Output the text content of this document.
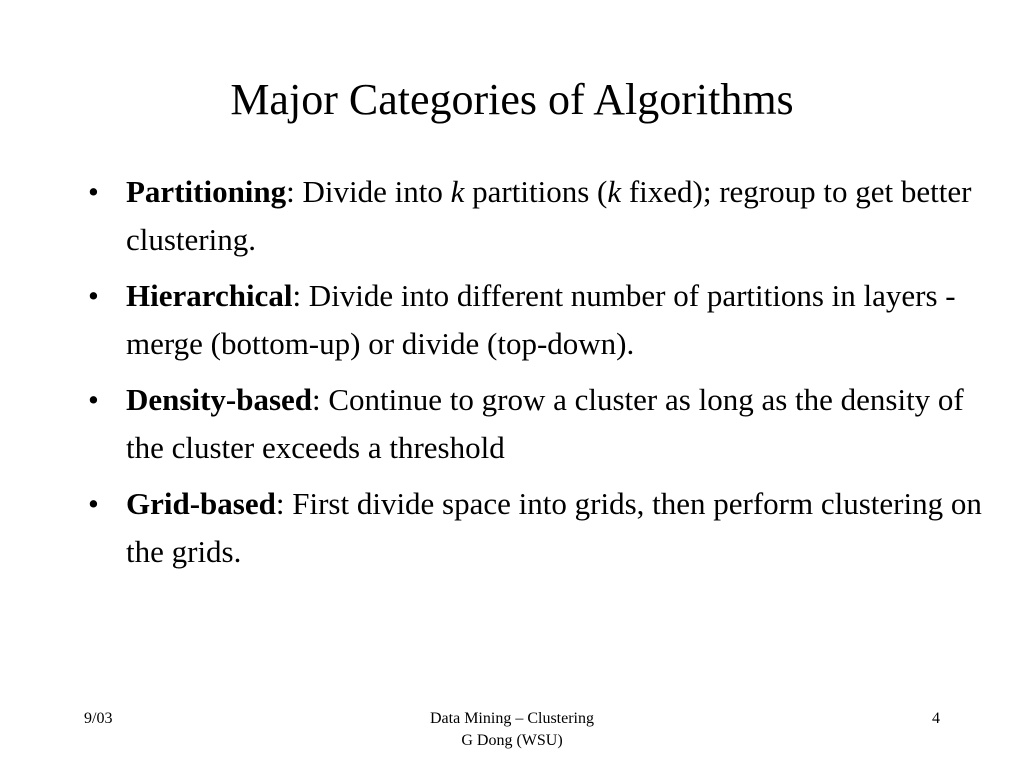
Major Categories of Algorithms
• Partitioning: Divide into k partitions (k fixed); regroup to get better clustering.
• Hierarchical: Divide into different number of partitions in layers - merge (bottom-up) or divide (top-down).
• Density-based: Continue to grow a cluster as long as the density of the cluster exceeds a threshold
• Grid-based: First divide space into grids, then perform clustering on the grids.
9/03	Data Mining – Clustering
G Dong (WSU)
4
